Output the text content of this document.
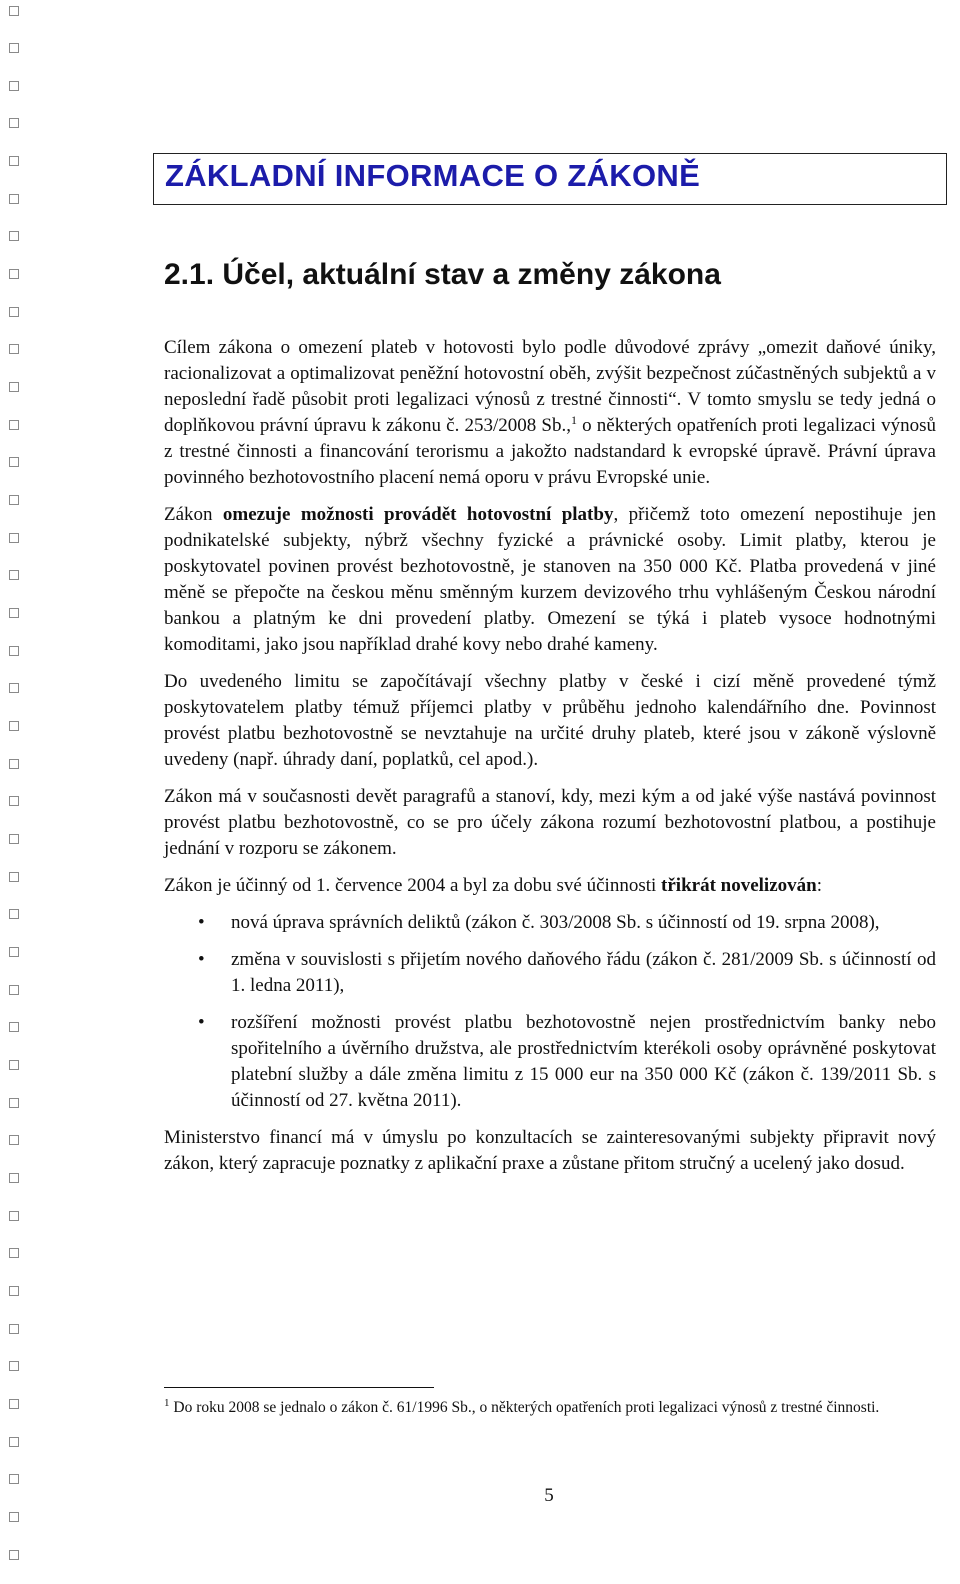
ZÁKLADNÍ INFORMACE O ZÁKONĚ
2.1. Účel, aktuální stav a změny zákona

Cílem zákona o omezení plateb v hotovosti bylo podle důvodové zprávy „omezit daňové úniky, racionalizovat a optimalizovat peněžní hotovostní oběh, zvýšit bezpečnost zúčastněných subjektů a v neposlední řadě působit proti legalizaci výnosů z trestné činnosti“. V tomto smyslu se tedy jedná o doplňkovou právní úpravu k zákonu č. 253/2008 Sb.,$^1$ o některých opatřeních proti legalizaci výnosů z trestné činnosti a financování terorismu a jakožto nadstandard k evropské úpravě. Právní úprava povinného bezhotovostního placení nemá oporu v právu Evropské unie.

Zákon omezuje možnosti provádět hotovostní platby, přičemž toto omezení nepostihuje jen podnikatelské subjekty, nýbrž všechny fyzické a právnické osoby. Limit platby, kterou je poskytovatel povinen provést bezhotovostně, je stanoven na 350 000 Kč. Platba provedená v jiné měně se přepočte na českou měnu směnným kurzem devizového trhu vyhlášeným Českou národní bankou a platným ke dni provedení platby. Omezení se týká i plateb vysoce hodnotnými komoditami, jako jsou například drahé kovy nebo drahé kameny.

Do uvedeného limitu se započítávají všechny platby v české i cizí měně provedené týmž poskytovatelem platby témuž příjemci platby v průběhu jednoho kalendářního dne. Povinnost provést platbu bezhotovostně se nevztahuje na určité druhy plateb, které jsou v zákoně výslovně uvedeny (např. úhrady daní, poplatků, cel apod.).

Zákon má v současnosti devět paragrafů a stanoví, kdy, mezi kým a od jaké výše nastává povinnost provést platbu bezhotovostně, co se pro účely zákona rozumí bezhotovostní platbou, a postihuje jednání v rozporu se zákonem.

Zákon je účinný od 1. července 2004 a byl za dobu své účinnosti třikrát novelizován:

• nová úprava správních deliktů (zákon č. 303/2008 Sb. s účinností od 19. srpna 2008),
• změna v souvislosti s přijetím nového daňového řádu (zákon č. 281/2009 Sb. s účinností od 1. ledna 2011),
• rozšíření možnosti provést platbu bezhotovostně nejen prostřednictvím banky nebo spořitelního a úvěrního družstva, ale prostřednictvím kterékoli osoby oprávněné poskytovat platební služby a dále změna limitu z 15 000 eur na 350 000 Kč (zákon č. 139/2011 Sb. s účinností od 27. května 2011).

Ministerstvo financí má v úmyslu po konzultacích se zainteresovanými subjekty připravit nový zákon, který zapracuje poznatky z aplikační praxe a zůstane přitom stručný a ucelený jako dosud.

$^1$ Do roku 2008 se jednalo o zákon č. 61/1996 Sb., o některých opatřeních proti legalizaci výnosů z trestné činnosti.
5
